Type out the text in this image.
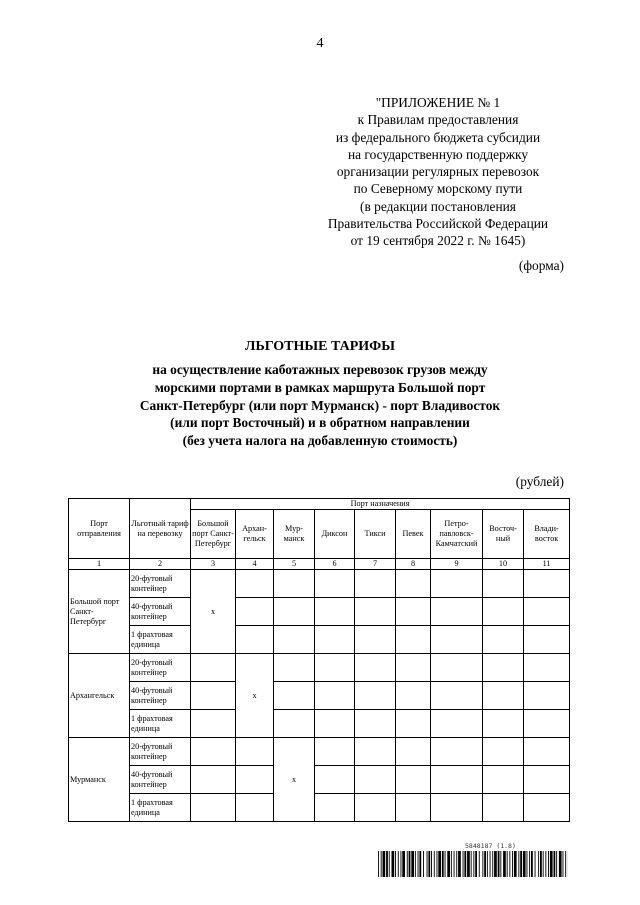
4
"ПРИЛОЖЕНИЕ № 1
к Правилам предоставления
из федерального бюджета субсидии
на государственную поддержку
организации регулярных перевозок
по Северному морскому пути
(в редакции постановления
Правительства Российской Федерации
от 19 сентября 2022 г. № 1645)
(форма)
ЛЬГОТНЫЕ ТАРИФЫ
на осуществление каботажных перевозок грузов между
морскими портами в рамках маршрута Большой порт
Санкт-Петербург (или порт Мурманск) - порт Владивосток
(или порт Восточный) и в обратном направлении
(без учета налога на добавленную стоимость)
(рублей)
Порт отправления	Льготный тариф на перевозку	Порт назначения								
		Большой порт Санкт-Петербург	Архан-гельск	Мур-манск	Диксон	Тикси	Певек	Петро-павловск-Камчатский	Восточ-ный	Влади-восток
1	2	3	4	5	6	7	8	9	10	11
Большой порт Санкт-Петербург	20-футовый контейнер	x								
	40-футовый контейнер									
	1 фрахтовая единица									
Архангельск	20-футовый контейнер		x							
	40-футовый контейнер									
	1 фрахтовая единица									
Мурманск	20-футовый контейнер			x						
	40-футовый контейнер									
	1 фрахтовая единица									
5848187 (1.8)
